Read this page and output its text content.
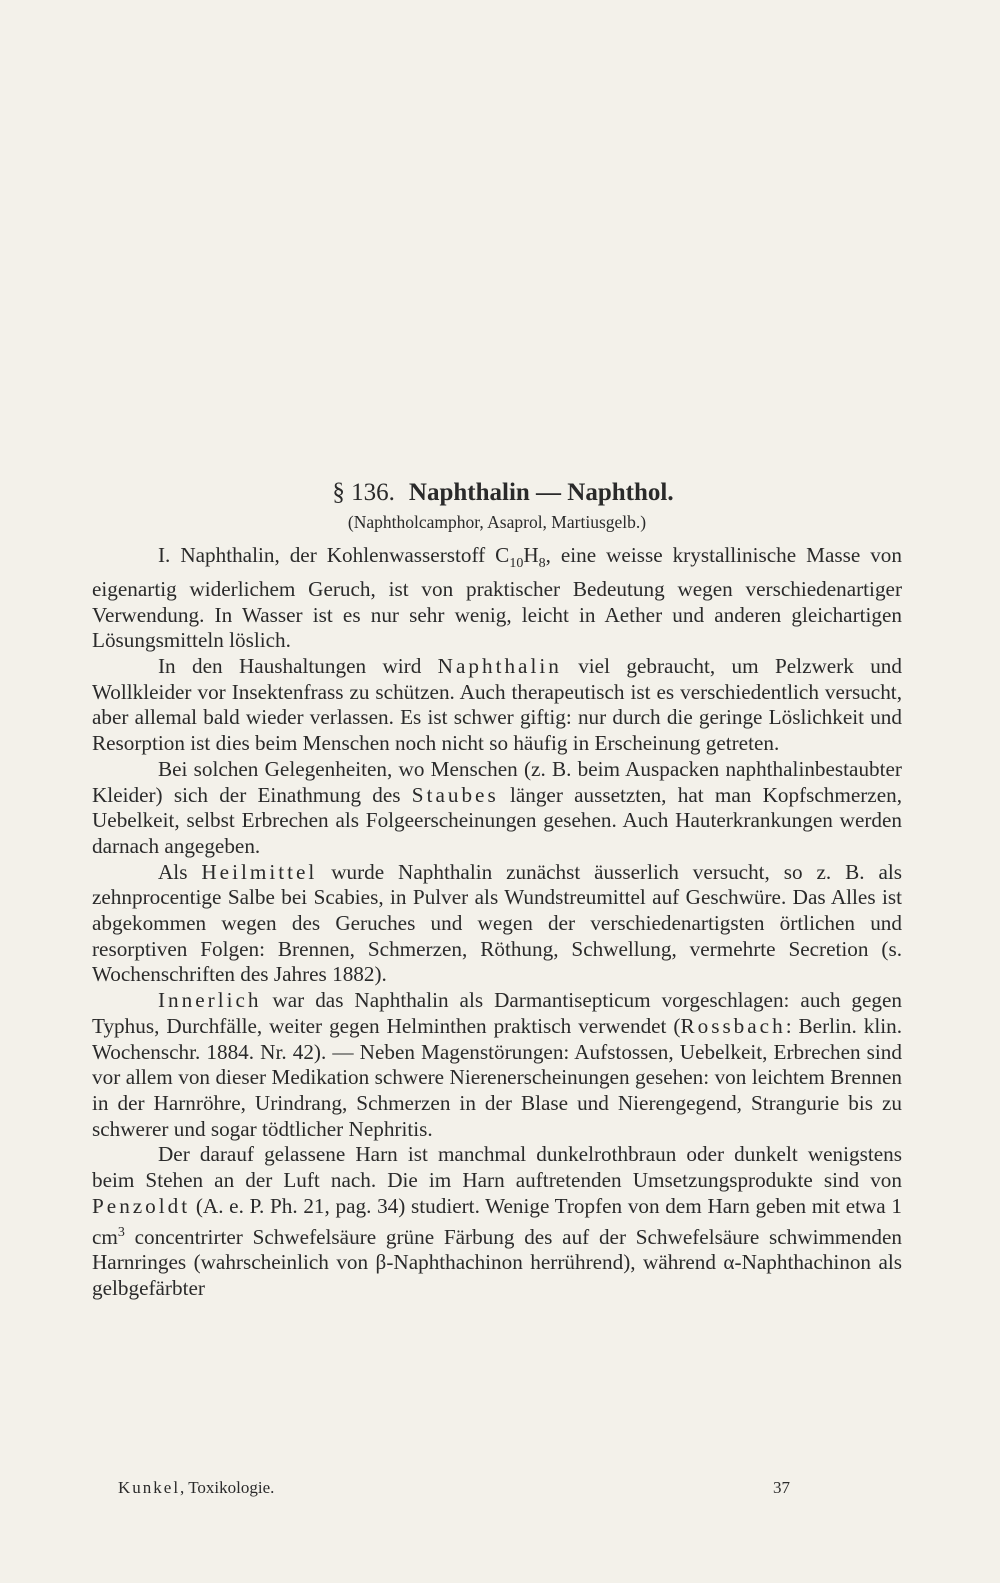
§ 136. Naphthalin — Naphthol.
(Naphtholcamphor, Asaprol, Martiusgelb.)

I. Naphthalin, der Kohlenwasserstoff $C_{10}H_8$, eine weisse krystallinische Masse von eigenartig widerlichem Geruch, ist von praktischer Bedeutung wegen verschiedenartiger Verwendung. In Wasser ist es nur sehr wenig, leicht in Aether und anderen gleichartigen Lösungsmitteln löslich.

In den Haushaltungen wird Naphthalin viel gebraucht, um Pelzwerk und Wollkleider vor Insektenfrass zu schützen. Auch therapeutisch ist es verschiedentlich versucht, aber allemal bald wieder verlassen. Es ist schwer giftig: nur durch die geringe Löslichkeit und Resorption ist dies beim Menschen noch nicht so häufig in Erscheinung getreten.

Bei solchen Gelegenheiten, wo Menschen (z. B. beim Auspacken naphthalinbestaubter Kleider) sich der Einathmung des Staubes länger aussetzten, hat man Kopfschmerzen, Uebelkeit, selbst Erbrechen als Folgeerscheinungen gesehen. Auch Hauterkrankungen werden darnach angegeben.

Als Heilmittel wurde Naphthalin zunächst äusserlich versucht, so z. B. als zehnprocentige Salbe bei Scabies, in Pulver als Wundstreumittel auf Geschwüre. Das Alles ist abgekommen wegen des Geruches und wegen der verschiedenartigsten örtlichen und resorptiven Folgen: Brennen, Schmerzen, Röthung, Schwellung, vermehrte Secretion (s. Wochenschriften des Jahres 1882).

Innerlich war das Naphthalin als Darmantisepticum vorgeschlagen: auch gegen Typhus, Durchfälle, weiter gegen Helminthen praktisch verwendet (Rossbach: Berlin. klin. Wochenschr. 1884. Nr. 42). — Neben Magenstörungen: Aufstossen, Uebelkeit, Erbrechen sind vor allem von dieser Medikation schwere Nierenerscheinungen gesehen: von leichtem Brennen in der Harnröhre, Urindrang, Schmerzen in der Blase und Nierengegend, Strangurie bis zu schwerer und sogar tödtlicher Nephritis.

Der darauf gelassene Harn ist manchmal dunkelrothbraun oder dunkelt wenigstens beim Stehen an der Luft nach. Die im Harn auftretenden Umsetzungsprodukte sind von Penzoldt (A. e. P. Ph. 21, pag. 34) studiert. Wenige Tropfen von dem Harn geben mit etwa 1 $cm^3$ concentrirter Schwefelsäure grüne Färbung des auf der Schwefelsäure schwimmenden Harnringes (wahrscheinlich von β-Naphthachinon herrührend), während α-Naphthachinon als gelbgefärbter

Kunkel, Toxikologie.	37
